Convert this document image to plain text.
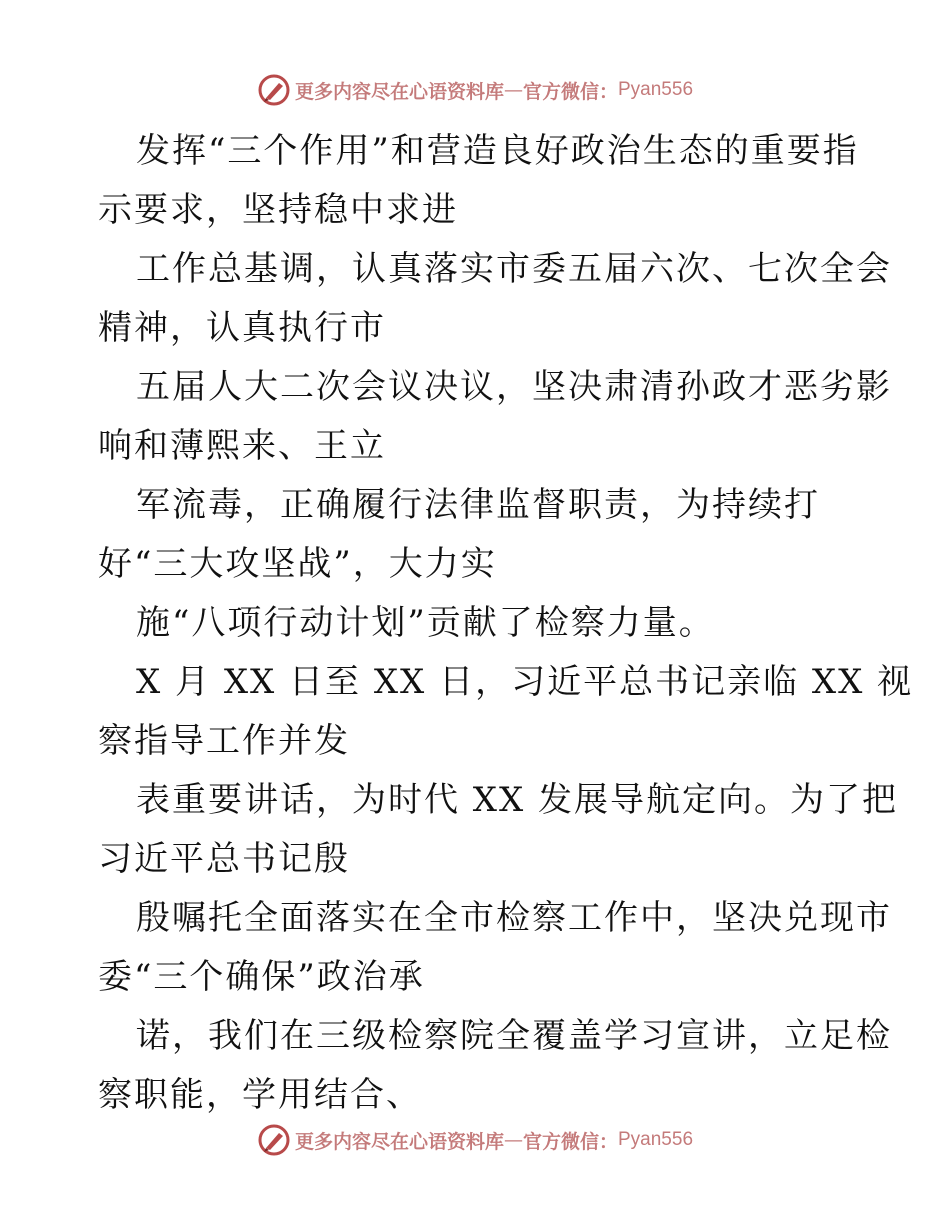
更多内容尽在心语资料库 — 官方微信： Pyan556
发挥“三个作用”和营造良好政治生态的重要指
示要求，坚持稳中求进
工作总基调，认真落实市委五届六次、七次全会
精神，认真执行市
五届人大二次会议决议，坚决肃清孙政才恶劣影
响和薄熙来、王立
军流毒，正确履行法律监督职责，为持续打
好“三大攻坚战”，大力实
施“八项行动计划”贡献了检察力量。
X 月 XX 日至 XX 日，习近平总书记亲临 XX 视
察指导工作并发
表重要讲话，为时代 XX 发展导航定向。为了把
习近平总书记殷
殷嘱托全面落实在全市检察工作中，坚决兑现市
委“三个确保”政治承
诺，我们在三级检察院全覆盖学习宣讲，立足检
察职能，学用结合、
更多内容尽在心语资料库 — 官方微信： Pyan556
